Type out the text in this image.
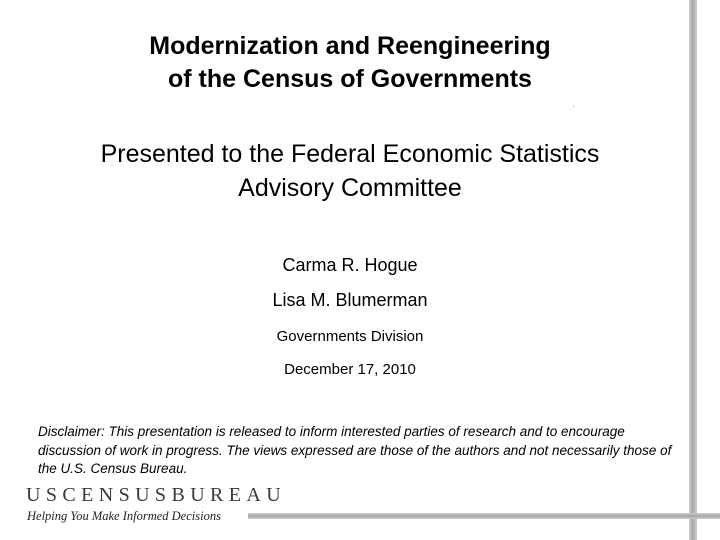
Modernization and Reengineering
of the Census of Governments
Presented to the Federal Economic Statistics
Advisory Committee
Carma R. Hogue
Lisa M. Blumerman
Governments Division
December 17, 2010
Disclaimer: This presentation is released to inform interested parties of research and to encourage discussion of work in progress. The views expressed are those of the authors and not necessarily those of the U.S. Census Bureau.
USCENSUSBUREAU
Helping You Make Informed Decisions
